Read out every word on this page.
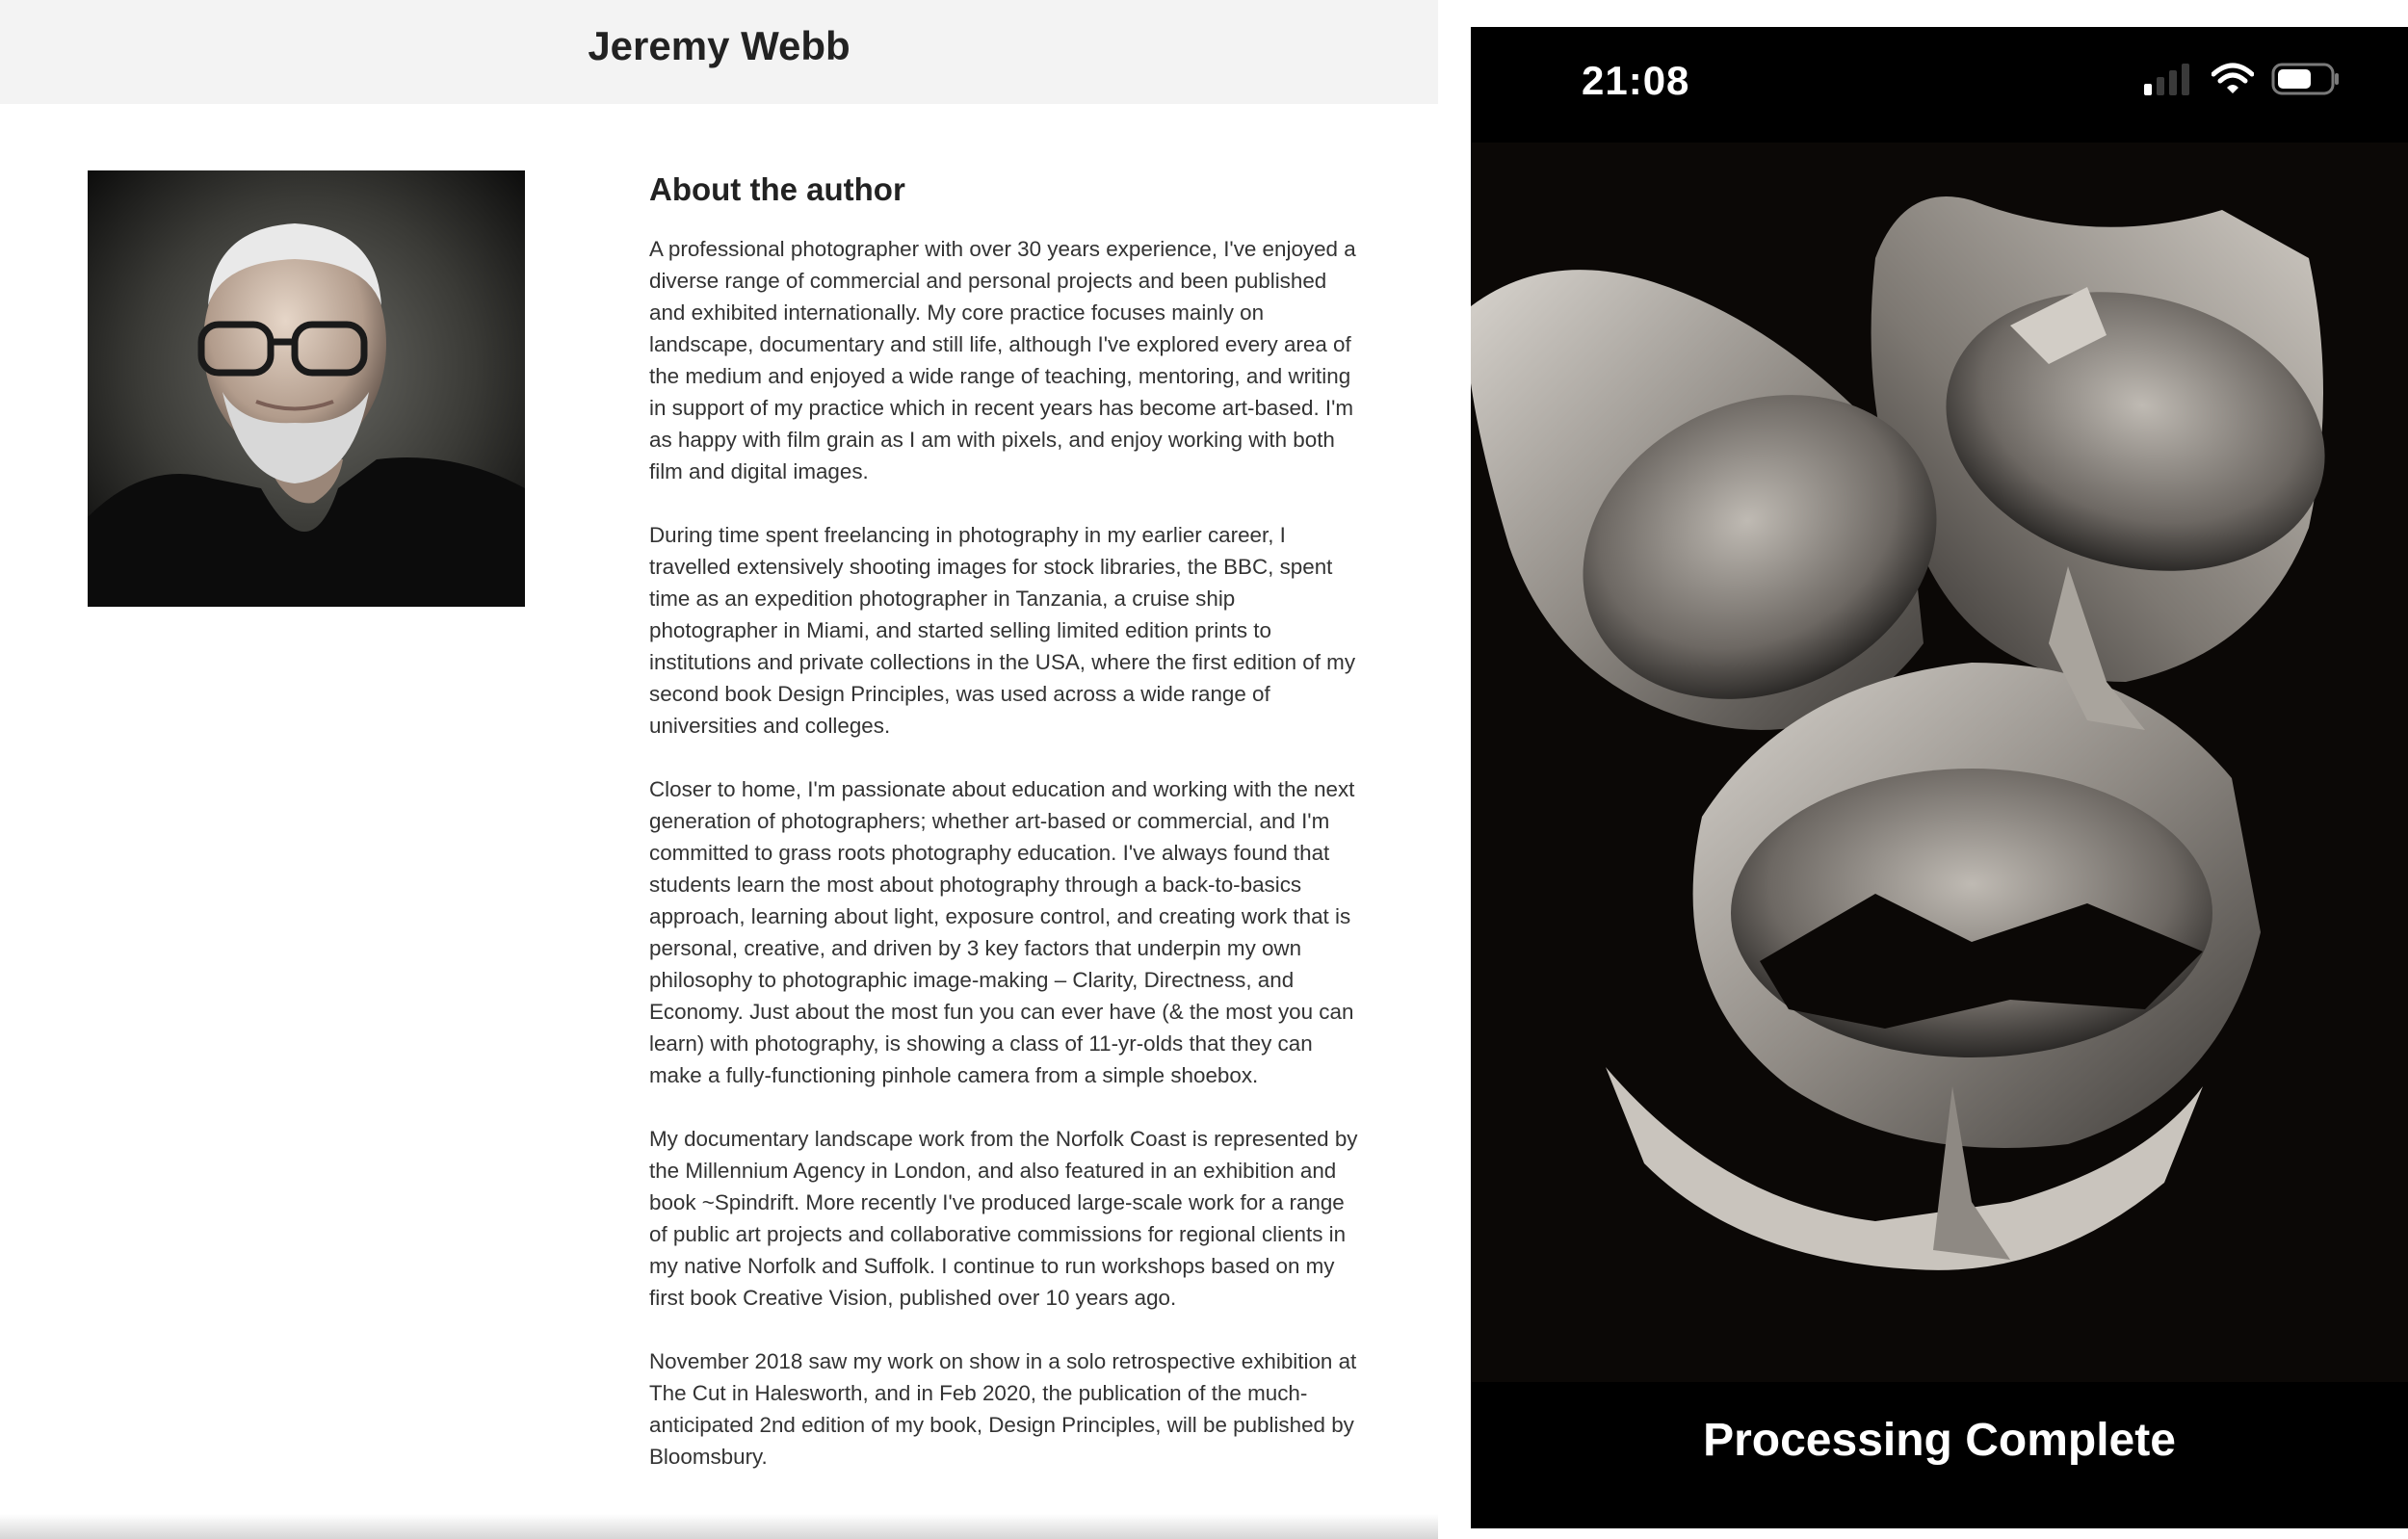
Jeremy Webb
About the author

A professional photographer with over 30 years experience, I've enjoyed a diverse range of commercial and personal projects and been published and exhibited internationally. My core practice focuses mainly on landscape, documentary and still life, although I've explored every area of the medium and enjoyed a wide range of teaching, mentoring, and writing in support of my practice which in recent years has become art-based. I'm as happy with film grain as I am with pixels, and enjoy working with both film and digital images.

During time spent freelancing in photography in my earlier career, I travelled extensively shooting images for stock libraries, the BBC, spent time as an expedition photographer in Tanzania, a cruise ship photographer in Miami, and started selling limited edition prints to institutions and private collections in the USA, where the first edition of my second book Design Principles, was used across a wide range of universities and colleges.

Closer to home, I'm passionate about education and working with the next generation of photographers; whether art-based or commercial, and I'm committed to grass roots photography education. I've always found that students learn the most about photography through a back-to-basics approach, learning about light, exposure control, and creating work that is personal, creative, and driven by 3 key factors that underpin my own philosophy to photographic image-making – Clarity, Directness, and Economy. Just about the most fun you can ever have (& the most you can learn) with photography, is showing a class of 11-yr-olds that they can make a fully-functioning pinhole camera from a simple shoebox.

My documentary landscape work from the Norfolk Coast is represented by the Millennium Agency in London, and also featured in an exhibition and book ~Spindrift. More recently I've produced large-scale work for a range of public art projects and collaborative commissions for regional clients in my native Norfolk and Suffolk. I continue to run workshops based on my first book Creative Vision, published over 10 years ago.

November 2018 saw my work on show in a solo retrospective exhibition at The Cut in Halesworth, and in Feb 2020, the publication of the much-anticipated 2nd edition of my book, Design Principles, will be published by Bloomsbury.

21:08
Processing Complete
